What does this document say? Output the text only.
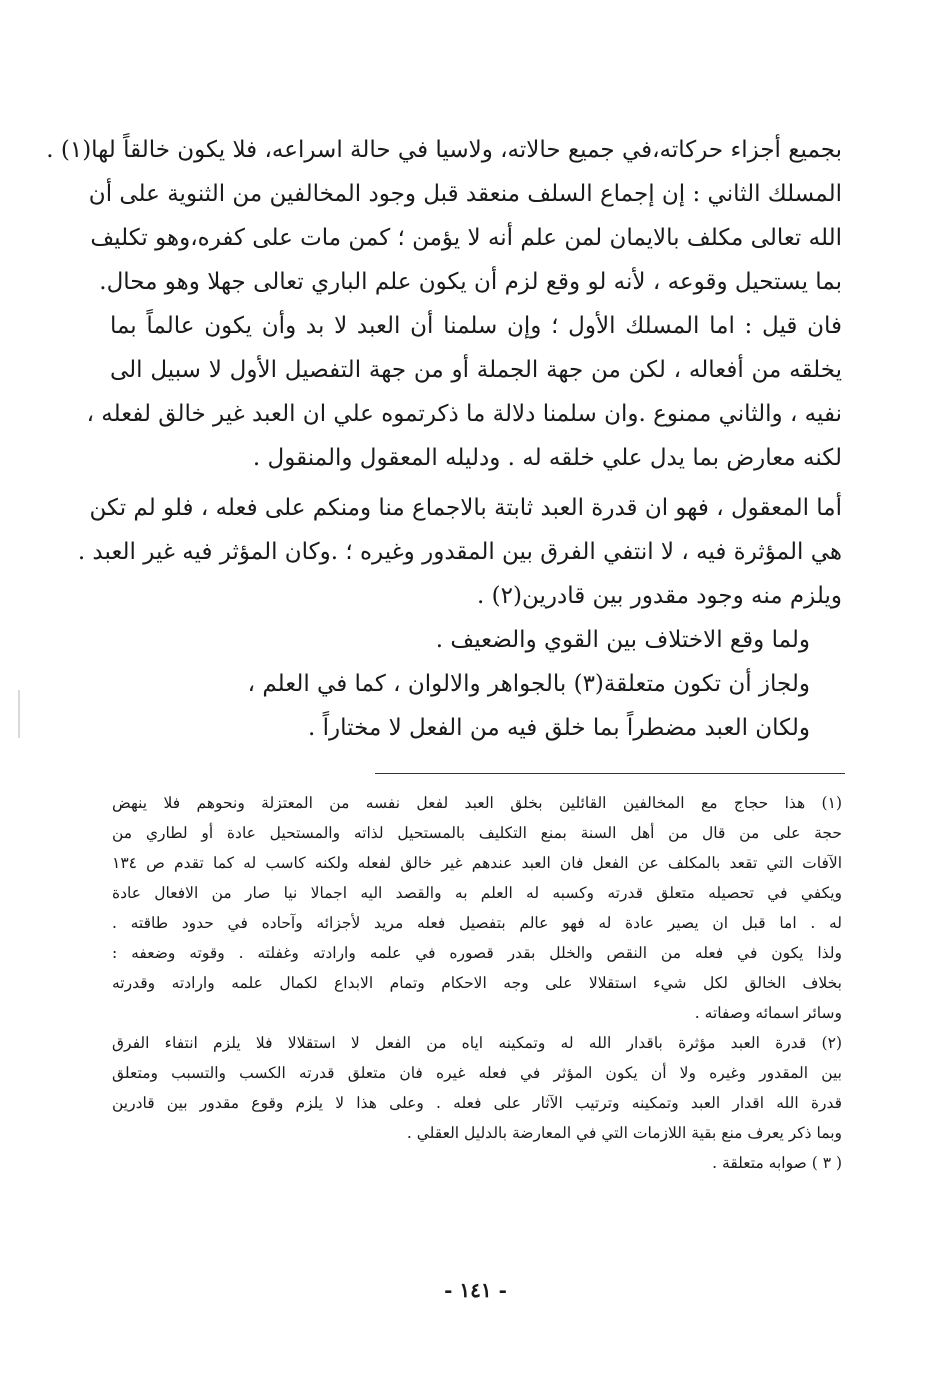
بجميع أجزاء حركاته،في جميع حالاته، ولاسيا في حالة اسراعه، فلا يكون خالقاً لها(١) .
المسلك الثاني : إن إجماع السلف منعقد قبل وجود المخالفين من الثنوية على أن
الله تعالى مكلف بالايمان لمن علم أنه لا يؤمن ؛ كمن مات على كفره،وهو تكليف
بما يستحيل وقوعه ، لأنه لو وقع لزم أن يكون علم الباري تعالى جهلا وهو محال.
فان قيل : اما المسلك الأول ؛ وإن سلمنا أن العبد لا بد وأن يكون عالماً بما
يخلقه من أفعاله ، لكن من جهة الجملة أو من جهة التفصيل الأول لا سبيل الى
نفيه ، والثاني ممنوع .وان سلمنا دلالة ما ذكرتموه علي ان العبد غير خالق لفعله ،
لكنه معارض بما يدل علي خلقه له . ودليله المعقول والمنقول .
أما المعقول ، فهو ان قدرة العبد ثابتة بالاجماع منا ومنكم على فعله ، فلو لم تكن
هي المؤثرة فيه ، لا انتفي الفرق بين المقدور وغيره ؛ .وكان المؤثر فيه غير العبد .
ويلزم منه وجود مقدور بين قادرين(٢) .
ولما وقع الاختلاف بين القوي والضعيف .
ولجاز أن تكون متعلقة(٣) بالجواهر والالوان ، كما في العلم ،
ولكان العبد مضطراً بما خلق فيه من الفعل لا مختاراً .
(١) هذا حجاج مع المخالفين القائلين بخلق العبد لفعل نفسه من المعتزلة ونحوهم فلا ينهض
حجة على من قال من أهل السنة بمنع التكليف بالمستحيل لذاته والمستحيل عادة أو لطاري من
الآفات التي تقعد بالمكلف عن الفعل فان العبد عندهم غير خالق لفعله ولكنه كاسب له كما تقدم ص ١٣٤
ويكفي في تحصيله متعلق قدرته وكسبه له العلم به والقصد اليه اجمالا نيا صار من الافعال عادة
له . اما قبل ان يصير عادة له فهو عالم بتفصيل فعله مريد لأجزائه وآحاده في حدود طاقته .
ولذا يكون في فعله من النقص والخلل بقدر قصوره في علمه وارادته وغفلته . وقوته وضعفه :
بخلاف الخالق لكل شيء استقلالا على وجه الاحكام وتمام الابداع لكمال علمه وارادته وقدرته
وسائر اسمائه وصفاته .
(٢) قدرة العبد مؤثرة باقدار الله له وتمكينه اياه من الفعل لا استقلالا فلا يلزم انتفاء الفرق
بين المقدور وغيره ولا أن يكون المؤثر في فعله غيره فان متعلق قدرته الكسب والتسبب ومتعلق
قدرة الله اقدار العبد وتمكينه وترتيب الآثار على فعله . وعلى هذا لا يلزم وقوع مقدور بين قادرين
وبما ذكر يعرف منع بقية اللازمات التي في المعارضة بالدليل العقلي .
( ٣ ) صوابه متعلقة .
- ١٤١ -
